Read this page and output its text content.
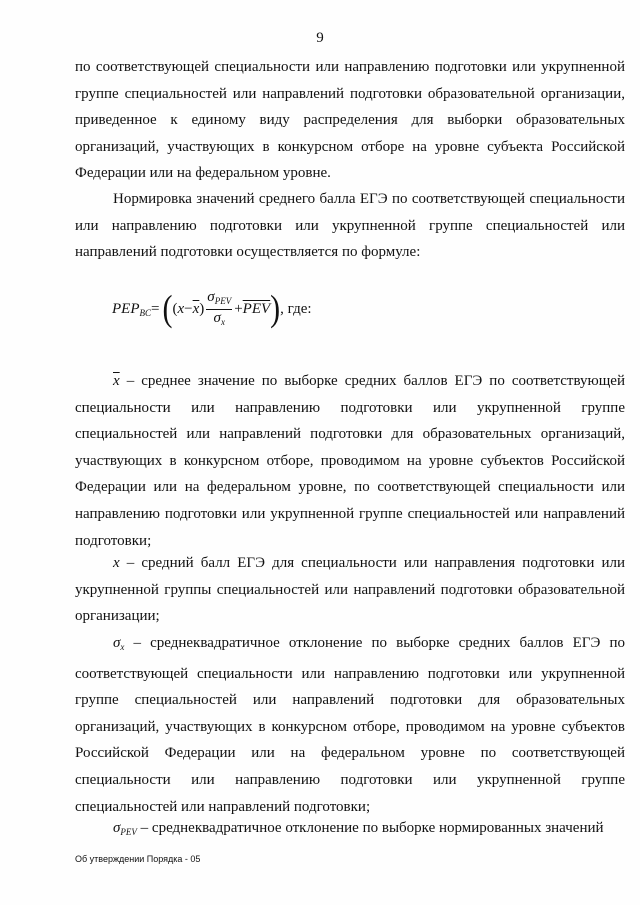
9

по соответствующей специальности или направлению подготовки или укрупненной группе специальностей или направлений подготовки образовательной организации, приведенное к единому виду распределения для выборки образовательных организаций, участвующих в конкурсном отборе на уровне субъекта Российской Федерации или на федеральном уровне.

Нормировка значений среднего балла ЕГЭ по соответствующей специальности или направлению подготовки или укрупненной группе специальностей или направлений подготовки осуществляется по формуле:

$PEP_{BC}$ = ( ( $x - \overline{x}$ ) $\frac{\sigma_{PEV}}{\sigma_x} + \overline{PEV}$ ) , где:

$\overline{x}$ – среднее значение по выборке средних баллов ЕГЭ по соответствующей специальности или направлению подготовки или укрупненной группе специальностей или направлений подготовки для образовательных организаций, участвующих в конкурсном отборе, проводимом на уровне субъектов Российской Федерации или на федеральном уровне, по соответствующей специальности или направлению подготовки или укрупненной группе специальностей или направлений подготовки;

x – средний балл ЕГЭ для специальности или направления подготовки или укрупненной группы специальностей или направлений подготовки образовательной организации;

$\sigma_x$ – среднеквадратичное отклонение по выборке средних баллов ЕГЭ по соответствующей специальности или направлению подготовки или укрупненной группе специальностей или направлений подготовки для образовательных организаций, участвующих в конкурсном отборе, проводимом на уровне субъектов Российской Федерации или на федеральном уровне по соответствующей специальности или направлению подготовки или укрупненной группе специальностей или направлений подготовки;

$\sigma_{PEV}$ – среднеквадратичное отклонение по выборке нормированных значений

Об утверждении Порядка - 05
